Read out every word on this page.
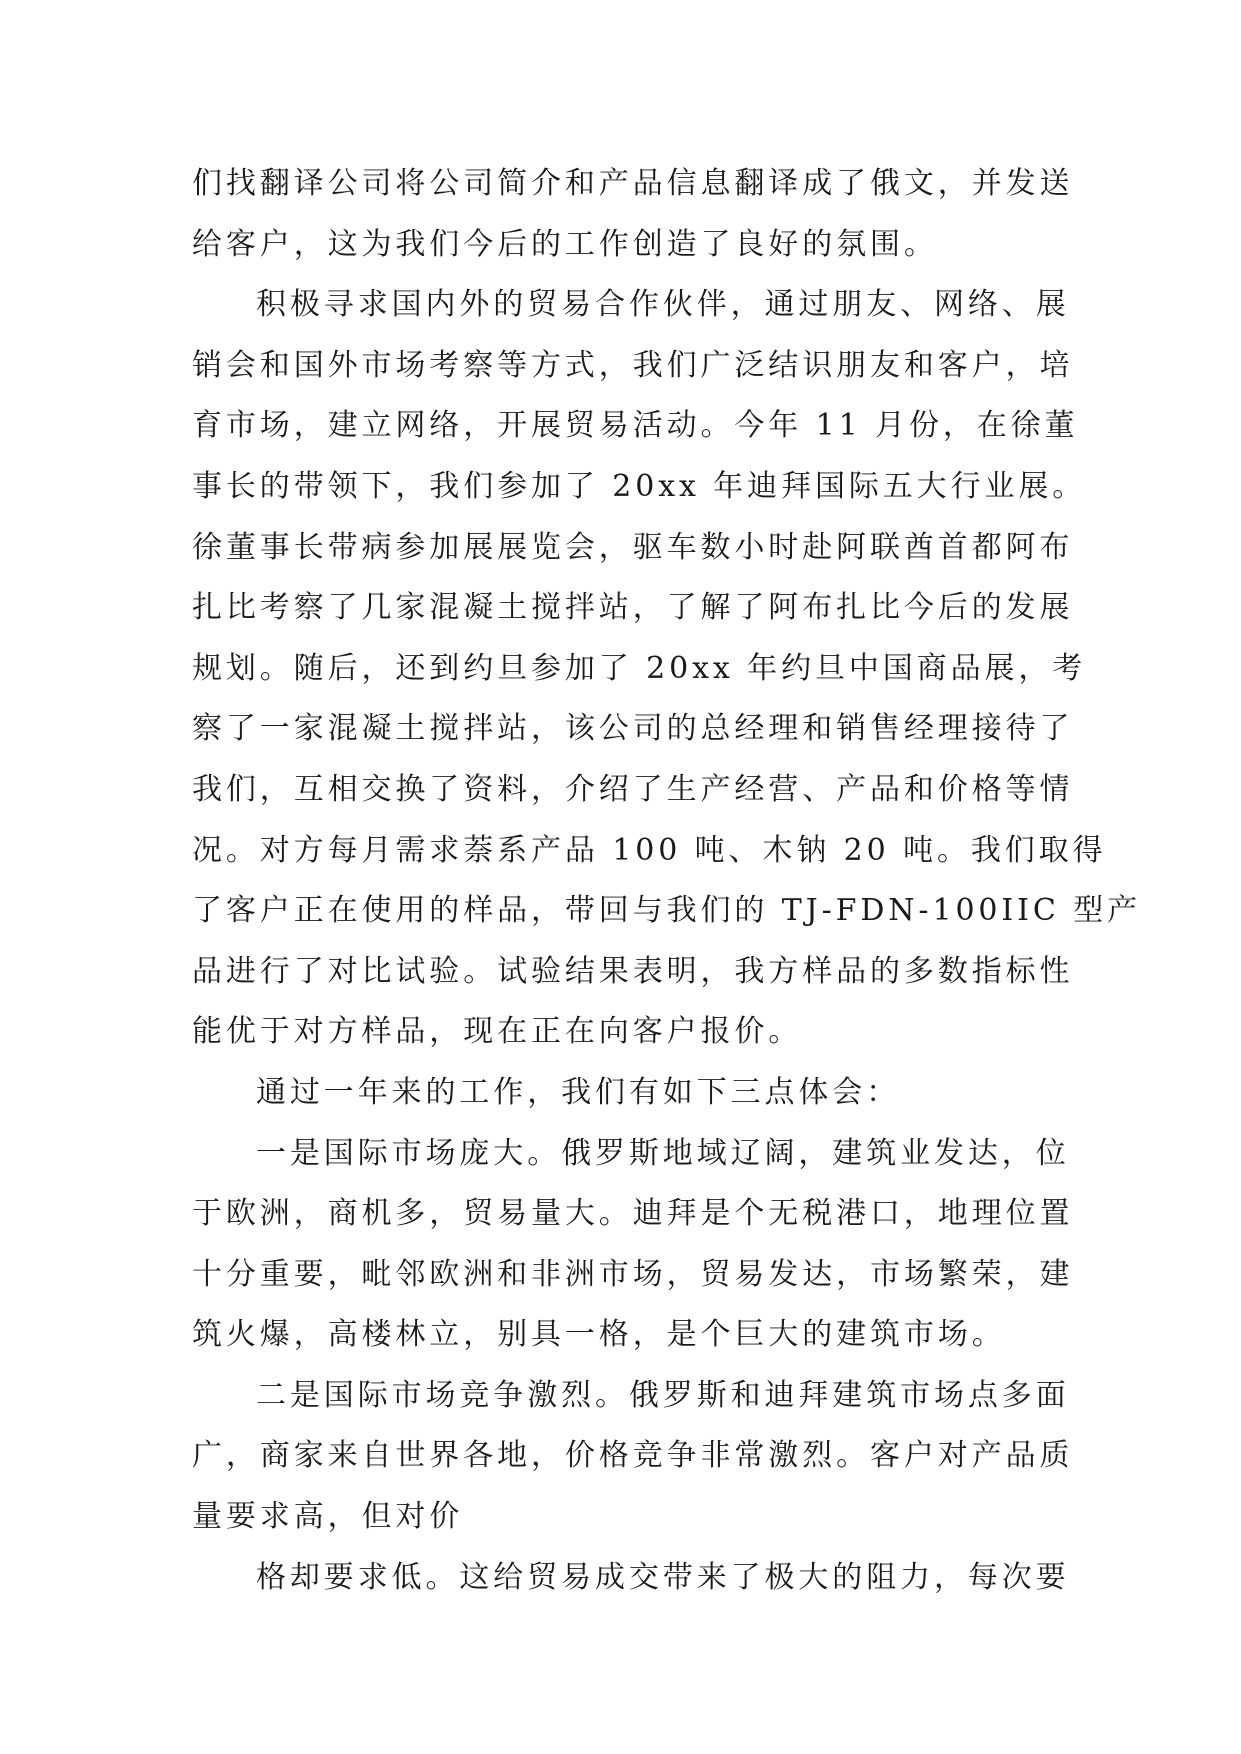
们找翻译公司将公司简介和产品信息翻译成了俄文，并发送
给客户，这为我们今后的工作创造了良好的氛围。
积极寻求国内外的贸易合作伙伴，通过朋友、网络、展
销会和国外市场考察等方式，我们广泛结识朋友和客户，培
育市场，建立网络，开展贸易活动。今年 11 月份，在徐董
事长的带领下，我们参加了 20xx 年迪拜国际五大行业展。
徐董事长带病参加展展览会，驱车数小时赴阿联酋首都阿布
扎比考察了几家混凝土搅拌站，了解了阿布扎比今后的发展
规划。随后，还到约旦参加了 20xx 年约旦中国商品展，考
察了一家混凝土搅拌站，该公司的总经理和销售经理接待了
我们，互相交换了资料，介绍了生产经营、产品和价格等情
况。对方每月需求萘系产品 100 吨、木钠 20 吨。我们取得
了客户正在使用的样品，带回与我们的 TJ-FDN-100IIC 型产
品进行了对比试验。试验结果表明，我方样品的多数指标性
能优于对方样品，现在正在向客户报价。
通过一年来的工作，我们有如下三点体会：
一是国际市场庞大。俄罗斯地域辽阔，建筑业发达，位
于欧洲，商机多，贸易量大。迪拜是个无税港口，地理位置
十分重要，毗邻欧洲和非洲市场，贸易发达，市场繁荣，建
筑火爆，高楼林立，别具一格，是个巨大的建筑市场。
二是国际市场竞争激烈。俄罗斯和迪拜建筑市场点多面
广，商家来自世界各地，价格竞争非常激烈。客户对产品质
量要求高，但对价
格却要求低。这给贸易成交带来了极大的阻力，每次要
